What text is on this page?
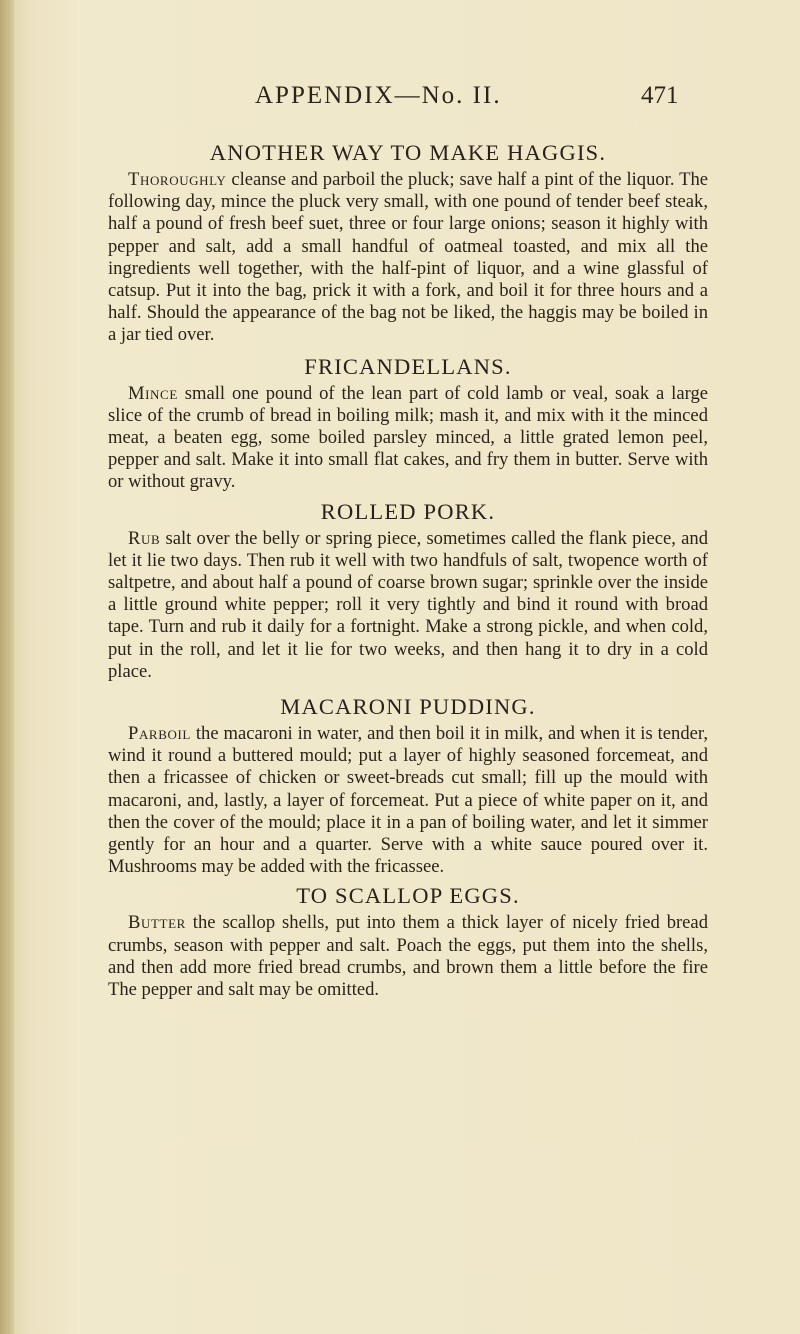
APPENDIX—No. II.	471
ANOTHER WAY TO MAKE HAGGIS.

Thoroughly cleanse and parboil the pluck; save half a pint of the liquor. The following day, mince the pluck very small, with one pound of tender beef steak, half a pound of fresh beef suet, three or four large onions; season it highly with pepper and salt, add a small handful of oatmeal toasted, and mix all the ingredients well together, with the half-pint of liquor, and a wine glassful of catsup. Put it into the bag, prick it with a fork, and boil it for three hours and a half. Should the appearance of the bag not be liked, the haggis may be boiled in a jar tied over.

FRICANDELLANS.

Mince small one pound of the lean part of cold lamb or veal, soak a large slice of the crumb of bread in boiling milk; mash it, and mix with it the minced meat, a beaten egg, some boiled parsley minced, a little grated lemon peel, pepper and salt. Make it into small flat cakes, and fry them in butter. Serve with or without gravy.

ROLLED PORK.

Rub salt over the belly or spring piece, sometimes called the flank piece, and let it lie two days. Then rub it well with two handfuls of salt, twopence worth of saltpetre, and about half a pound of coarse brown sugar; sprinkle over the inside a little ground white pepper; roll it very tightly and bind it round with broad tape. Turn and rub it daily for a fortnight. Make a strong pickle, and when cold, put in the roll, and let it lie for two weeks, and then hang it to dry in a cold place.

MACARONI PUDDING.

Parboil the macaroni in water, and then boil it in milk, and when it is tender, wind it round a buttered mould; put a layer of highly seasoned forcemeat, and then a fricassee of chicken or sweet-breads cut small; fill up the mould with macaroni, and, lastly, a layer of forcemeat. Put a piece of white paper on it, and then the cover of the mould; place it in a pan of boiling water, and let it simmer gently for an hour and a quarter. Serve with a white sauce poured over it. Mushrooms may be added with the fricassee.

TO SCALLOP EGGS.

Butter the scallop shells, put into them a thick layer of nicely fried bread crumbs, season with pepper and salt. Poach the eggs, put them into the shells, and then add more fried bread crumbs, and brown them a little before the fire The pepper and salt may be omitted.
